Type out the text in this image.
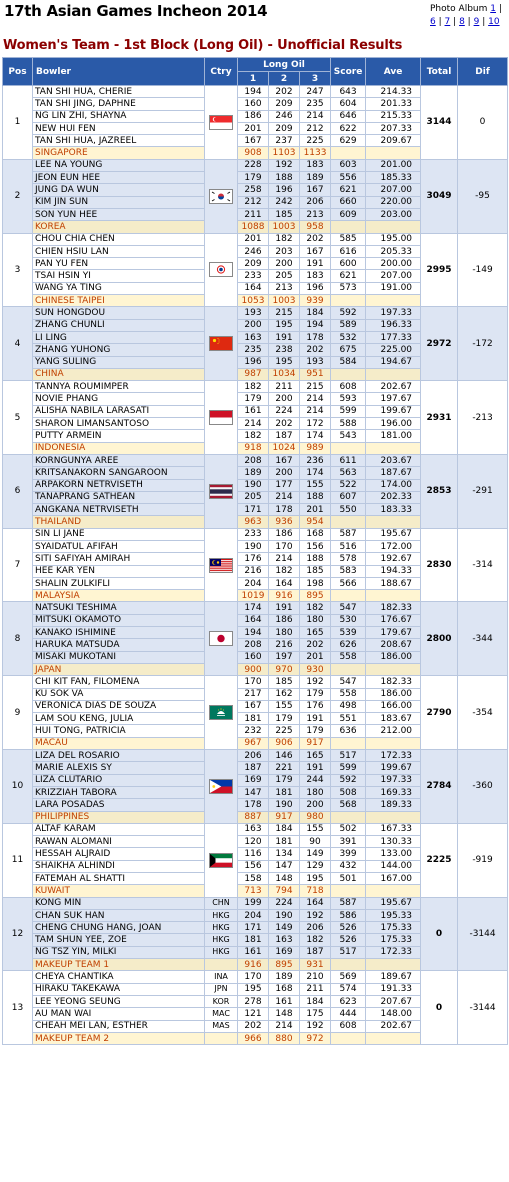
17th Asian Games Incheon 2014	Photo Album 1 |
6 | 7 | 8 | 9 | 10
Women's Team - 1st Block (Long Oil) - Unofficial Results
Pos	Bowler	Ctry	Long Oil			Score	Ave	Total	Dif
			1	2	3				
1	TAN SHI HUA, CHERIE		194	202	247	643	214.33	3144	0
	TAN SHI JING, DAPHNE		160	209	235	604	201.33		
	NG LIN ZHI, SHAYNA		186	246	214	646	215.33		
	NEW HUI FEN		201	209	212	622	207.33		
	TAN SHI HUA, JAZREEL		167	237	225	629	209.67		
	SINGAPORE		908	1103	1133				
2	LEE NA YOUNG		228	192	183	603	201.00	3049	-95
	JEON EUN HEE		179	188	189	556	185.33		
	JUNG DA WUN		258	196	167	621	207.00		
	KIM JIN SUN		212	242	206	660	220.00		
	SON YUN HEE		211	185	213	609	203.00		
	KOREA		1088	1003	958				
3	CHOU CHIA CHEN		201	182	202	585	195.00	2995	-149
	CHIEN HSIU LAN		246	203	167	616	205.33		
	PAN YU FEN		209	200	191	600	200.00		
	TSAI HSIN YI		233	205	183	621	207.00		
	WANG YA TING		164	213	196	573	191.00		
	CHINESE TAIPEI		1053	1003	939				
4	SUN HONGDOU		193	215	184	592	197.33	2972	-172
	ZHANG CHUNLI		200	195	194	589	196.33		
	LI LING		163	191	178	532	177.33		
	ZHANG YUHONG		235	238	202	675	225.00		
	YANG SULING		196	195	193	584	194.67		
	CHINA		987	1034	951				
5	TANNYA ROUMIMPER		182	211	215	608	202.67	2931	-213
	NOVIE PHANG		179	200	214	593	197.67		
	ALISHA NABILA LARASATI		161	224	214	599	199.67		
	SHARON LIMANSANTOSO		214	202	172	588	196.00		
	PUTTY ARMEIN		182	187	174	543	181.00		
	INDONESIA		918	1024	989				
6	KORNGUNYA AREE		208	167	236	611	203.67	2853	-291
	KRITSANAKORN SANGAROON		189	200	174	563	187.67		
	ARPAKORN NETRVISETH		190	177	155	522	174.00		
	TANAPRANG SATHEAN		205	214	188	607	202.33		
	ANGKANA NETRVISETH		171	178	201	550	183.33		
	THAILAND		963	936	954				
7	SIN LI JANE		233	186	168	587	195.67	2830	-314
	SYAIDATUL AFIFAH		190	170	156	516	172.00		
	SITI SAFIYAH AMIRAH		176	214	188	578	192.67		
	HEE KAR YEN		216	182	185	583	194.33		
	SHALIN ZULKIFLI		204	164	198	566	188.67		
	MALAYSIA		1019	916	895				
8	NATSUKI TESHIMA		174	191	182	547	182.33	2800	-344
	MITSUKI OKAMOTO		164	186	180	530	176.67		
	KANAKO ISHIMINE		194	180	165	539	179.67		
	HARUKA MATSUDA		208	216	202	626	208.67		
	MISAKI MUKOTANI		160	197	201	558	186.00		
	JAPAN		900	970	930				
9	CHI KIT FAN, FILOMENA		170	185	192	547	182.33	2790	-354
	KU SOK VA		217	162	179	558	186.00		
	VERONICA DIAS DE SOUZA		167	155	176	498	166.00		
	LAM SOU KENG, JULIA		181	179	191	551	183.67		
	HUI TONG, PATRICIA		232	225	179	636	212.00		
	MACAU		967	906	917				
10	LIZA DEL ROSARIO		206	146	165	517	172.33	2784	-360
	MARIE ALEXIS SY		187	221	191	599	199.67		
	LIZA CLUTARIO		169	179	244	592	197.33		
	KRIZZIAH TABORA		147	181	180	508	169.33		
	LARA POSADAS		178	190	200	568	189.33		
	PHILIPPINES		887	917	980				
11	ALTAF KARAM		163	184	155	502	167.33	2225	-919
	RAWAN ALOMANI		120	181	90	391	130.33		
	HESSAH ALJRAID		116	134	149	399	133.00		
	SHAIKHA ALHINDI		156	147	129	432	144.00		
	FATEMAH AL SHATTI		158	148	195	501	167.00		
	KUWAIT		713	794	718				
12	KONG MIN	CHN	199	224	164	587	195.67	0	-3144
	CHAN SUK HAN	HKG	204	190	192	586	195.33		
	CHENG CHUNG HANG, JOAN	HKG	171	149	206	526	175.33		
	TAM SHUN YEE, ZOE	HKG	181	163	182	526	175.33		
	NG TSZ YIN, MILKI	HKG	161	169	187	517	172.33		
	MAKEUP TEAM 1		916	895	931				
13	CHEYA CHANTIKA	INA	170	189	210	569	189.67	0	-3144
	HIRAKU TAKEKAWA	JPN	195	168	211	574	191.33		
	LEE YEONG SEUNG	KOR	278	161	184	623	207.67		
	AU MAN WAI	MAC	121	148	175	444	148.00		
	CHEAH MEI LAN, ESTHER	MAS	202	214	192	608	202.67		
	MAKEUP TEAM 2		966	880	972				
